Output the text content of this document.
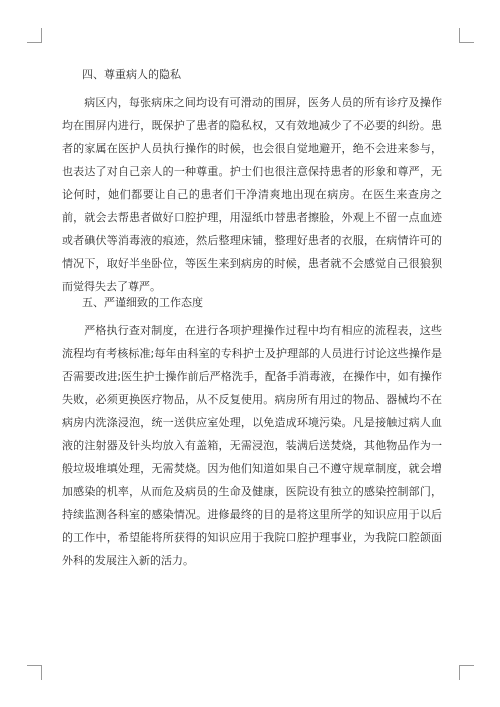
四、尊重病人的隐私
病区内，每张病床之间均设有可滑动的围屏，医务人员的所有诊疗及操作均在围屏内进行，既保护了患者的隐私权，又有效地减少了不必要的纠纷。患者的家属在医护人员执行操作的时候，也会很自觉地避开，绝不会进来参与，也表达了对自己亲人的一种尊重。护士们也很注意保持患者的形象和尊严，无论何时，她们都要让自己的患者们干净清爽地出现在病房。在医生来查房之前，就会去帮患者做好口腔护理，用湿纸巾替患者擦脸，外观上不留一点血迹或者碘伏等消毒液的痕迹，然后整理床铺，整理好患者的衣服，在病情许可的情况下，取好半坐卧位，等医生来到病房的时候，患者就不会感觉自己很狼狈而觉得失去了尊严。
五、严谨细致的工作态度
严格执行查对制度，在进行各项护理操作过程中均有相应的流程表，这些流程均有考核标准;每年由科室的专科护士及护理部的人员进行讨论这些操作是否需要改进;医生护士操作前后严格洗手，配备手消毒液，在操作中，如有操作失败，必须更换医疗物品，从不反复使用。病房所有用过的物品、器械均不在病房内洗涤浸泡，统一送供应室处理，以免造成环境污染。凡是接触过病人血液的注射器及针头均放入有盖箱，无需浸泡，装满后送焚烧，其他物品作为一般垃圾堆填处理，无需焚烧。因为他们知道如果自己不遵守规章制度，就会增加感染的机率，从而危及病员的生命及健康，医院设有独立的感染控制部门，持续监测各科室的感染情况。进修最终的目的是将这里所学的知识应用于以后的工作中，希望能将所获得的知识应用于我院口腔护理事业，为我院口腔颌面外科的发展注入新的活力。
